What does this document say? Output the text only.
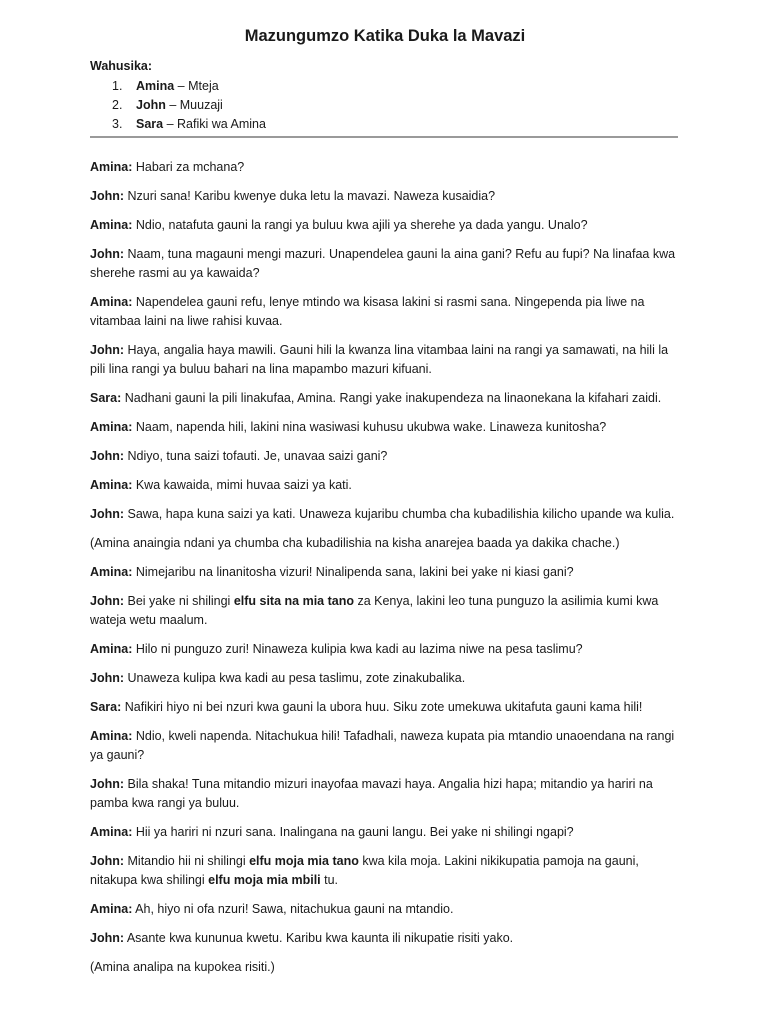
Mazungumzo Katika Duka la Mavazi
Wahusika:
1. Amina – Mteja
2. John – Muuzaji
3. Sara – Rafiki wa Amina

Amina: Habari za mchana?

John: Nzuri sana! Karibu kwenye duka letu la mavazi. Naweza kusaidia?

Amina: Ndio, natafuta gauni la rangi ya buluu kwa ajili ya sherehe ya dada yangu. Unalo?

John: Naam, tuna magauni mengi mazuri. Unapendelea gauni la aina gani? Refu au fupi? Na linafaa kwa sherehe rasmi au ya kawaida?

Amina: Napendelea gauni refu, lenye mtindo wa kisasa lakini si rasmi sana. Ningependa pia liwe na vitambaa laini na liwe rahisi kuvaa.

John: Haya, angalia haya mawili. Gauni hili la kwanza lina vitambaa laini na rangi ya samawati, na hili la pili lina rangi ya buluu bahari na lina mapambo mazuri kifuani.

Sara: Nadhani gauni la pili linakufaa, Amina. Rangi yake inakupendeza na linaonekana la kifahari zaidi.

Amina: Naam, napenda hili, lakini nina wasiwasi kuhusu ukubwa wake. Linaweza kunitosha?

John: Ndiyo, tuna saizi tofauti. Je, unavaa saizi gani?

Amina: Kwa kawaida, mimi huvaa saizi ya kati.

John: Sawa, hapa kuna saizi ya kati. Unaweza kujaribu chumba cha kubadilishia kilicho upande wa kulia.

(Amina anaingia ndani ya chumba cha kubadilishia na kisha anarejea baada ya dakika chache.)

Amina: Nimejaribu na linanitosha vizuri! Ninalipenda sana, lakini bei yake ni kiasi gani?

John: Bei yake ni shilingi elfu sita na mia tano za Kenya, lakini leo tuna punguzo la asilimia kumi kwa wateja wetu maalum.

Amina: Hilo ni punguzo zuri! Ninaweza kulipia kwa kadi au lazima niwe na pesa taslimu?

John: Unaweza kulipa kwa kadi au pesa taslimu, zote zinakubalika.

Sara: Nafikiri hiyo ni bei nzuri kwa gauni la ubora huu. Siku zote umekuwa ukitafuta gauni kama hili!

Amina: Ndio, kweli napenda. Nitachukua hili! Tafadhali, naweza kupata pia mtandio unaoendana na rangi ya gauni?

John: Bila shaka! Tuna mitandio mizuri inayofaa mavazi haya. Angalia hizi hapa; mitandio ya hariri na pamba kwa rangi ya buluu.

Amina: Hii ya hariri ni nzuri sana. Inalingana na gauni langu. Bei yake ni shilingi ngapi?

John: Mitandio hii ni shilingi elfu moja mia tano kwa kila moja. Lakini nikikupatia pamoja na gauni, nitakupa kwa shilingi elfu moja mia mbili tu.

Amina: Ah, hiyo ni ofa nzuri! Sawa, nitachukua gauni na mtandio.

John: Asante kwa kununua kwetu. Karibu kwa kaunta ili nikupatie risiti yako.

(Amina analipa na kupokea risiti.)
